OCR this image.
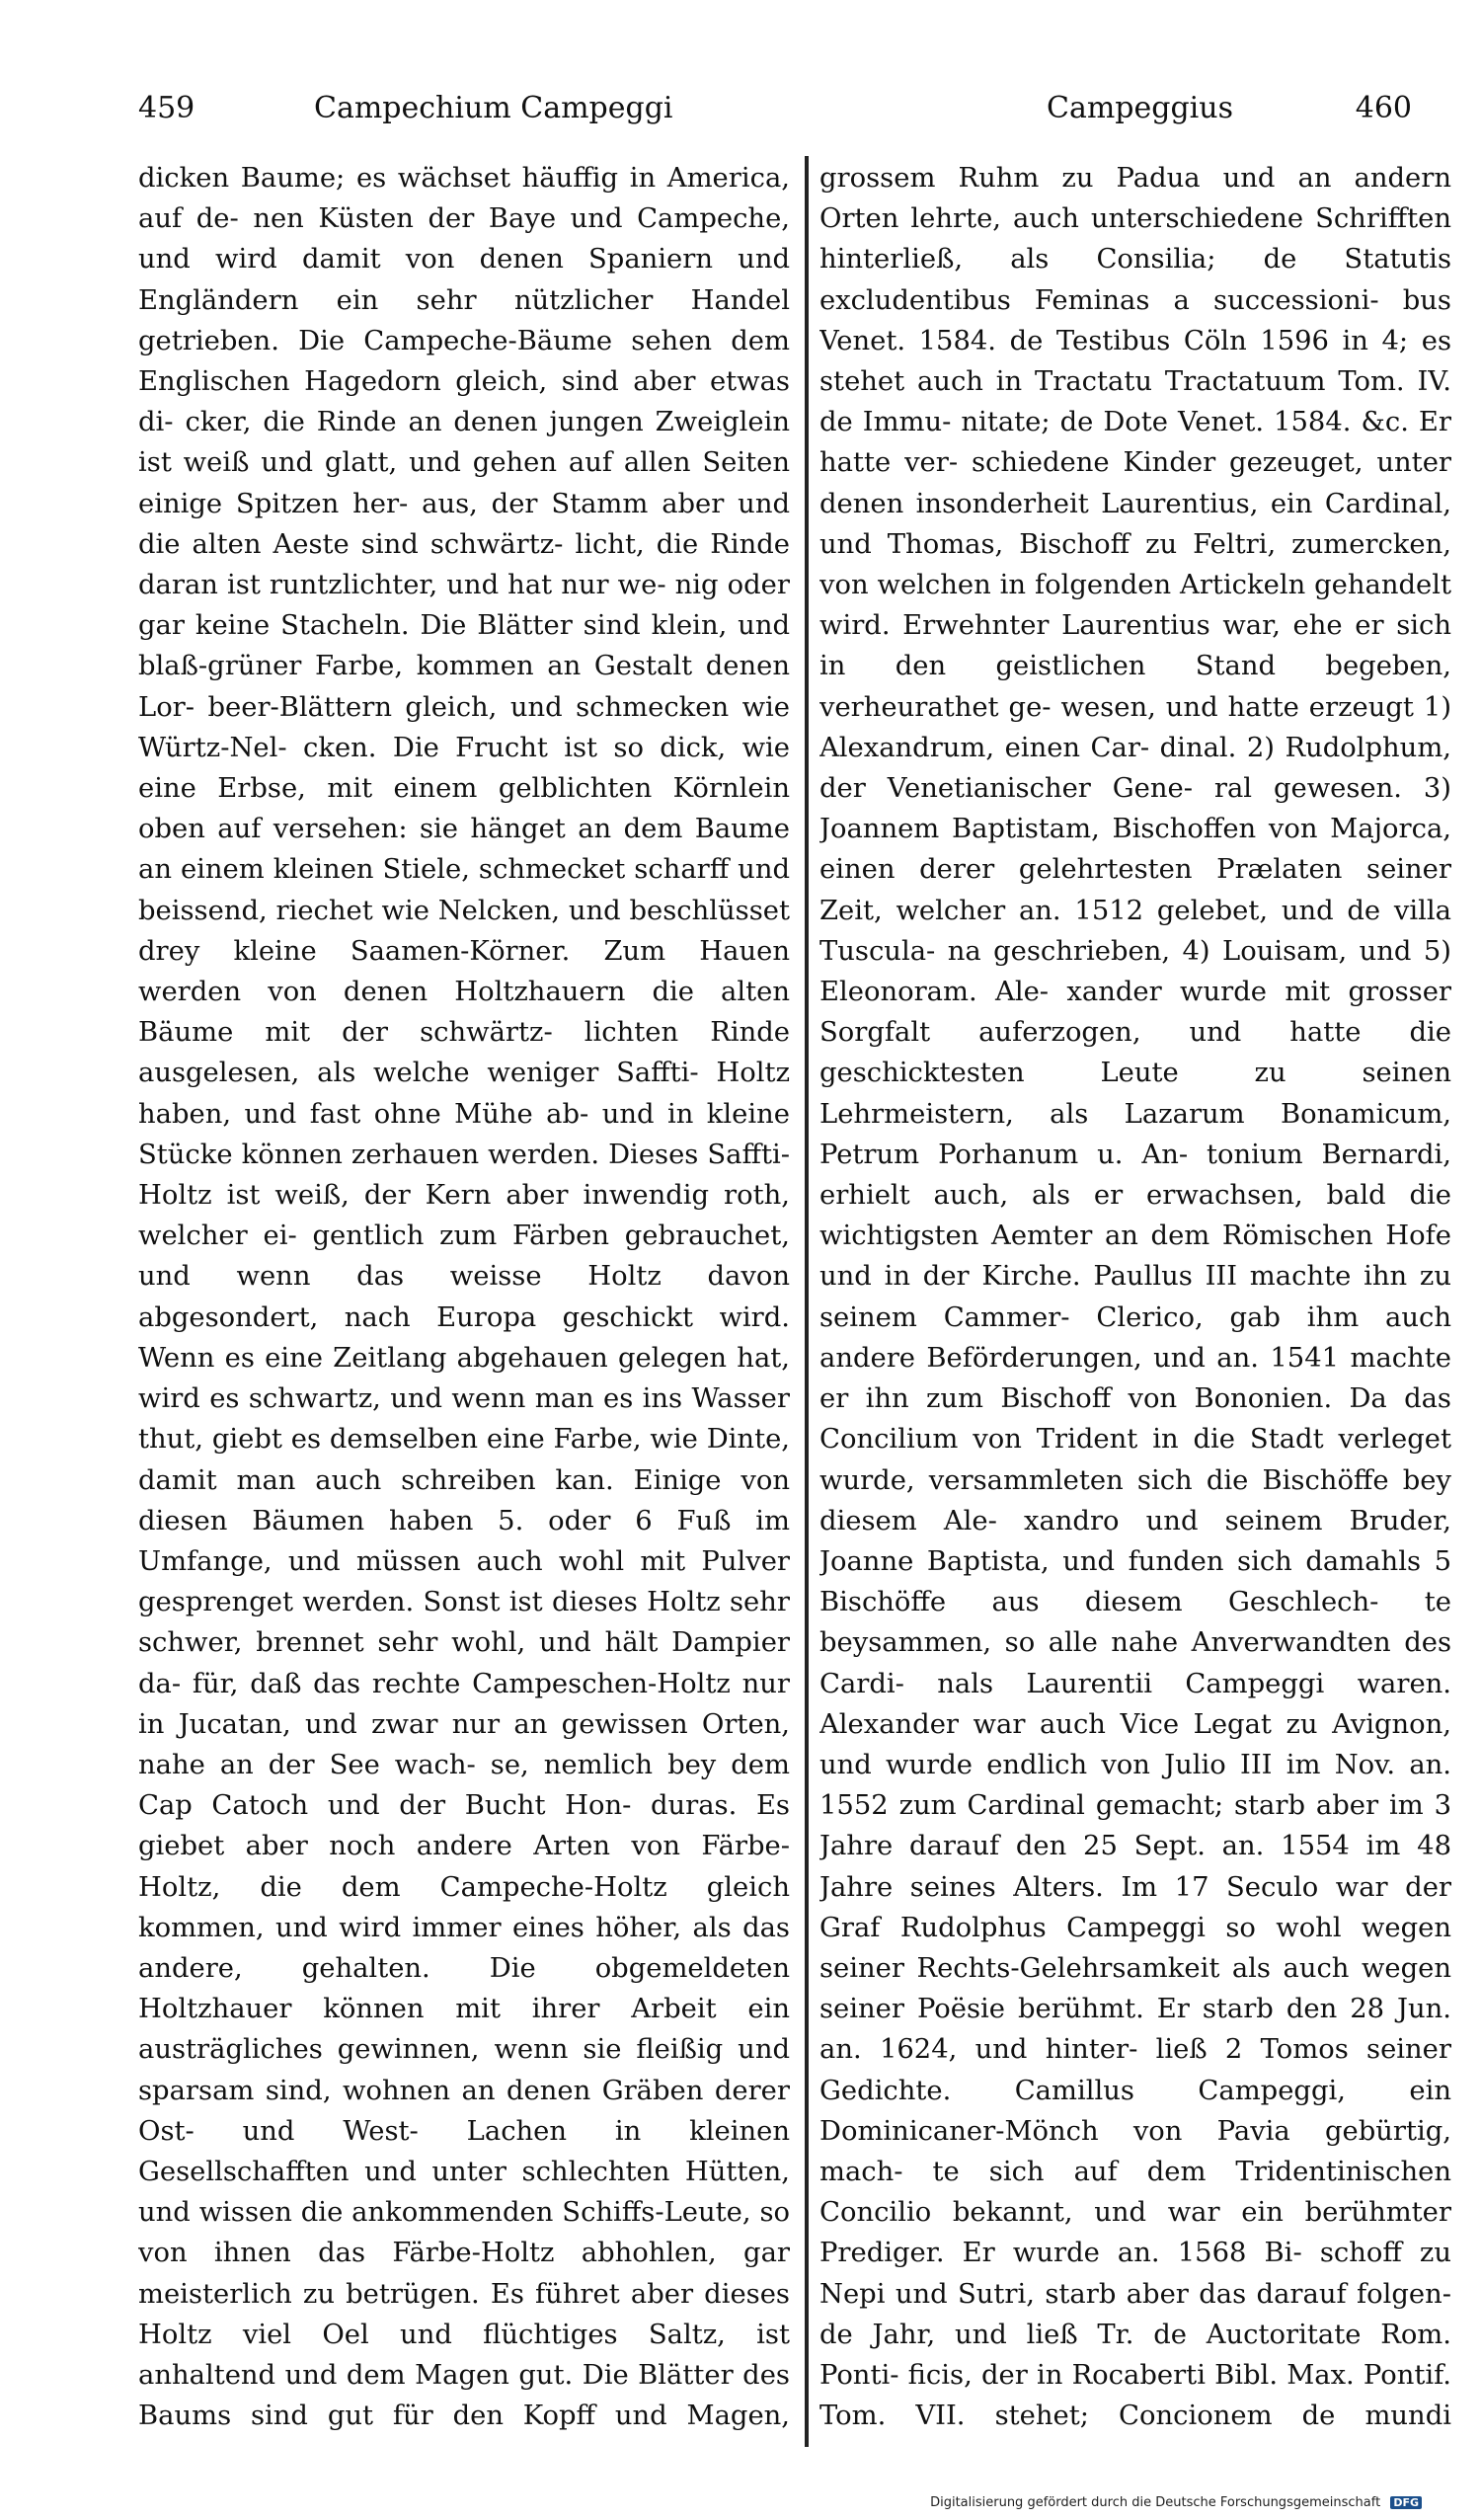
459	Campechium Campeggi	Campeggius	460

dicken Baume; es wächset häuffig in America, auf de- nen Küsten der Baye und Campeche, und wird damit von denen Spaniern und Engländern ein sehr nützlicher Handel getrieben. Die Campeche-Bäume sehen dem Englischen Hagedorn gleich, sind aber etwas di- cker, die Rinde an denen jungen Zweiglein ist weiß und glatt, und gehen auf allen Seiten einige Spitzen her- aus, der Stamm aber und die alten Aeste sind schwärtz- licht, die Rinde daran ist runtzlichter, und hat nur we- nig oder gar keine Stacheln. Die Blätter sind klein, und blaß-grüner Farbe, kommen an Gestalt denen Lor- beer-Blättern gleich, und schmecken wie Würtz-Nel- cken. Die Frucht ist so dick, wie eine Erbse, mit einem gelblichten Körnlein oben auf versehen: sie hänget an dem Baume an einem kleinen Stiele, schmecket scharff und beissend, riechet wie Nelcken, und beschlüsset drey kleine Saamen-Körner. Zum Hauen werden von denen Holtzhauern die alten Bäume mit der schwärtz- lichten Rinde ausgelesen, als welche weniger Saffti- Holtz haben, und fast ohne Mühe ab- und in kleine Stücke können zerhauen werden. Dieses Saffti- Holtz ist weiß, der Kern aber inwendig roth, welcher ei- gentlich zum Färben gebrauchet, und wenn das weisse Holtz davon abgesondert, nach Europa geschickt wird. Wenn es eine Zeitlang abgehauen gelegen hat, wird es schwartz, und wenn man es ins Wasser thut, giebt es demselben eine Farbe, wie Dinte, damit man auch schreiben kan. Einige von diesen Bäumen haben 5. oder 6 Fuß im Umfange, und müssen auch wohl mit Pulver gesprenget werden. Sonst ist dieses Holtz sehr schwer, brennet sehr wohl, und hält Dampier da- für, daß das rechte Campeschen-Holtz nur in Jucatan, und zwar nur an gewissen Orten, nahe an der See wach- se, nemlich bey dem Cap Catoch und der Bucht Hon- duras. Es giebet aber noch andere Arten von Färbe- Holtz, die dem Campeche-Holtz gleich kommen, und wird immer eines höher, als das andere, gehalten. Die obgemeldeten Holtzhauer können mit ihrer Arbeit ein austrägliches gewinnen, wenn sie fleißig und sparsam sind, wohnen an denen Gräben derer Ost- und West- Lachen in kleinen Gesellschafften und unter schlechten Hütten, und wissen die ankommenden Schiffs-Leute, so von ihnen das Färbe-Holtz abhohlen, gar meisterlich zu betrügen. Es führet aber dieses Holtz viel Oel und flüchtiges Saltz, ist anhaltend und dem Magen gut. Die Blätter des Baums sind gut für den Kopff und Magen,

grossem Ruhm zu Padua und an andern Orten lehrte, auch unterschiedene Schrifften hinterließ, als Consilia; de Statutis excludentibus Feminas a successioni- bus Venet. 1584. de Testibus Cöln 1596 in 4; es stehet auch in Tractatu Tractatuum Tom. IV. de Immu- nitate; de Dote Venet. 1584. &c. Er hatte ver- schiedene Kinder gezeuget, unter denen insonderheit Laurentius, ein Cardinal, und Thomas, Bischoff zu Feltri, zumercken, von welchen in folgenden Artickeln gehandelt wird. Erwehnter Laurentius war, ehe er sich in den geistlichen Stand begeben, verheurathet ge- wesen, und hatte erzeugt 1) Alexandrum, einen Car- dinal. 2) Rudolphum, der Venetianischer Gene- ral gewesen. 3) Joannem Baptistam, Bischoffen von Majorca, einen derer gelehrtesten Prælaten seiner Zeit, welcher an. 1512 gelebet, und de villa Tuscula- na geschrieben, 4) Louisam, und 5) Eleonoram. Ale- xander wurde mit grosser Sorgfalt auferzogen, und hatte die geschicktesten Leute zu seinen Lehrmeistern, als Lazarum Bonamicum, Petrum Porhanum u. An- tonium Bernardi, erhielt auch, als er erwachsen, bald die wichtigsten Aemter an dem Römischen Hofe und in der Kirche. Paullus III machte ihn zu seinem Cammer- Clerico, gab ihm auch andere Beförderungen, und an. 1541 machte er ihn zum Bischoff von Bononien. Da das Concilium von Trident in die Stadt verleget wurde, versammleten sich die Bischöffe bey diesem Ale- xandro und seinem Bruder, Joanne Baptista, und funden sich damahls 5 Bischöffe aus diesem Geschlech- te beysammen, so alle nahe Anverwandten des Cardi- nals Laurentii Campeggi waren. Alexander war auch Vice Legat zu Avignon, und wurde endlich von Julio III im Nov. an. 1552 zum Cardinal gemacht; starb aber im 3 Jahre darauf den 25 Sept. an. 1554 im 48 Jahre seines Alters. Im 17 Seculo war der Graf Rudolphus Campeggi so wohl wegen seiner Rechts-Gelehrsamkeit als auch wegen seiner Poësie berühmt. Er starb den 28 Jun. an. 1624, und hinter- ließ 2 Tomos seiner Gedichte. Camillus Campeggi, ein Dominicaner-Mönch von Pavia gebürtig, mach- te sich auf dem Tridentinischen Concilio bekannt, und war ein berühmter Prediger. Er wurde an. 1568 Bi- schoff zu Nepi und Sutri, starb aber das darauf folgen- de Jahr, und ließ Tr. de Auctoritate Rom. Ponti- ficis, der in Rocaberti Bibl. Max. Pontif. Tom. VII. stehet; Concionem de mundi

Digitalisierung gefördert durch die Deutsche Forschungsgemeinschaft DFG
